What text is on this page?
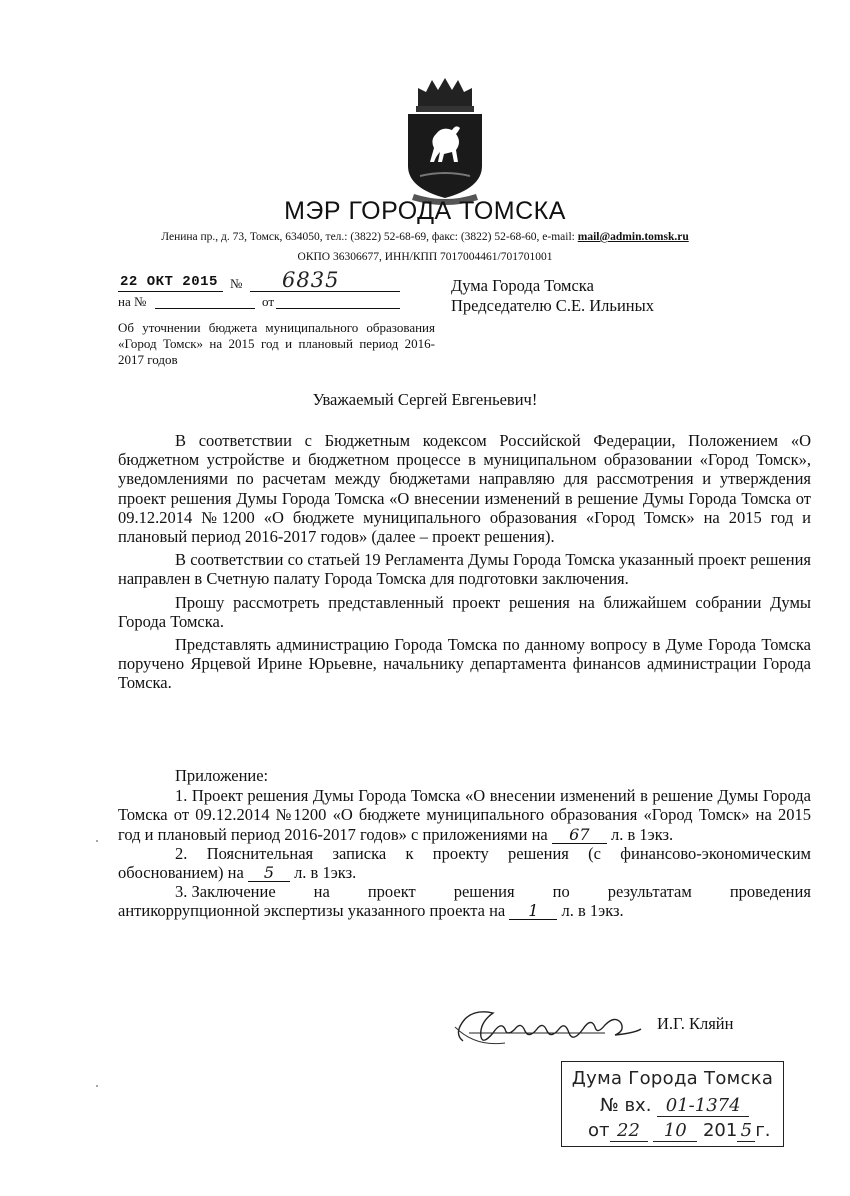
МЭР ГОРОДА ТОМСКА
Ленина пр., д. 73, Томск, 634050, тел.: (3822) 52-68-69, факс: (3822) 52-68-60, e-mail: mail@admin.tomsk.ru
ОКПО 36306677, ИНН/КПП 7017004461/701701001
22 ОКТ 2015 № 6835
на №	от
Об уточнении бюджета муниципального образования «Город Томск» на 2015 год и плановый период 2016-2017 годов
Дума Города Томска
Председателю С.Е. Ильиных
Уважаемый Сергей Евгеньевич!

В соответствии с Бюджетным кодексом Российской Федерации, Положением «О бюджетном устройстве и бюджетном процессе в муниципальном образовании «Город Томск», уведомлениями по расчетам между бюджетами направляю для рассмотрения и утверждения проект решения Думы Города Томска «О внесении изменений в решение Думы Города Томска от 09.12.2014 №1200 «О бюджете муниципального образования «Город Томск» на 2015 год и плановый период 2016-2017 годов» (далее – проект решения).

В соответствии со статьей 19 Регламента Думы Города Томска указанный проект решения направлен в Счетную палату Города Томска для подготовки заключения.

Прошу рассмотреть представленный проект решения на ближайшем собрании Думы Города Томска.

Представлять администрацию Города Томска по данному вопросу в Думе Города Томска поручено Ярцевой Ирине Юрьевне, начальнику департамента финансов администрации Города Томска.

Приложение:

1. Проект решения Думы Города Томска «О внесении изменений в решение Думы Города Томска от 09.12.2014 №1200 «О бюджете муниципального образования «Город Томск» на 2015 год и плановый период 2016-2017 годов» с приложениями на 67 л. в 1экз.

2. Пояснительная записка к проекту решения (с финансово-экономическим обоснованием) на 5 л. в 1экз.

3. Заключение на проект решения по результатам проведения

антикоррупционной экспертизы указанного проекта на 1 л. в 1экз.

И.Г. Кляйн
Дума Города Томска
№ вх. 01-1374
от 22 10 201 5 г.
